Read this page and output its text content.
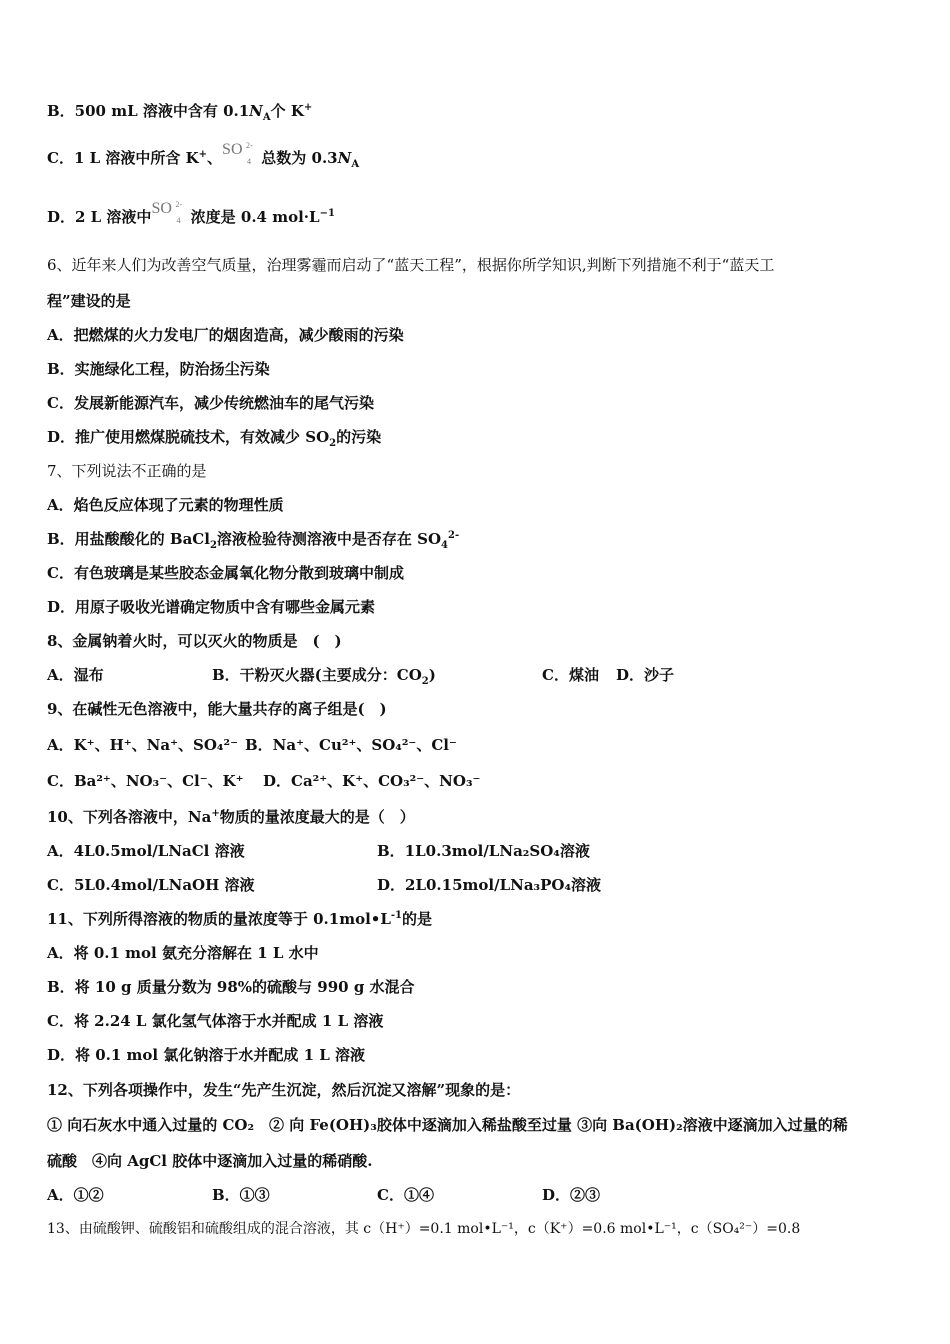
B．500 mL 溶液中含有 $0.1N_A$个 K+
C．1 L 溶液中所含 K+、 SO 2-
4 总数为 $0.3N_A$
D．2 L 溶液中 SO 2-
4 浓度是 0.4 $mol\cdot L^{-1}$
6、近年来人们为改善空气质量，治理雾霾而启动了“蓝天工程”，根据你所学知识,判断下列措施不利于“蓝天工
程”建设的是
A．把燃煤的火力发电厂的烟囱造高，减少酸雨的污染
B．实施绿化工程，防治扬尘污染
C．发展新能源汽车，减少传统燃油车的尾气污染
D．推广使用燃煤脱硫技术，有效减少 $SO_2$的污染
7、下列说法不正确的是
A．焰色反应体现了元素的物理性质
B．用盐酸酸化的 BaCl$_2$溶液检验待测溶液中是否存在 $SO_4^{2-}$
C．有色玻璃是某些胶态金属氧化物分散到玻璃中制成
D．用原子吸收光谱确定物质中含有哪些金属元素
8、金属钠着火时，可以灭火的物质是　(　)
A．湿布	B．干粉灭火器(主要成分：$CO_2$)	C．煤油 D．沙子
9、在碱性无色溶液中，能大量共存的离子组是(　)
A．K⁺、H⁺、Na⁺、SO₄²⁻ B．Na⁺、Cu²⁺、SO₄²⁻、Cl⁻
C．Ba²⁺、NO₃⁻、Cl⁻、K⁺ D．Ca²⁺、K⁺、CO₃²⁻、NO₃⁻
10、下列各溶液中，Na+物质的量浓度最大的是（　）
A．4L0.5mol/LNaCl 溶液	B．1L0.3mol/LNa₂SO₄溶液
C．5L0.4mol/LNaOH 溶液	D．2L0.15mol/LNa₃PO₄溶液
11、下列所得溶液的物质的量浓度等于 $0.1mol•L^{-1}$的是
A．将 0.1 mol 氨充分溶解在 1 L 水中
B．将 10 g 质量分数为 98%的硫酸与 990 g 水混合
C．将 2.24 L 氯化氢气体溶于水并配成 1 L 溶液
D．将 0.1 mol 氯化钠溶于水并配成 1 L 溶液
12、下列各项操作中，发生“先产生沉淀，然后沉淀又溶解”现象的是：
① 向石灰水中通入过量的 CO₂　② 向 Fe(OH)₃胶体中逐滴加入稀盐酸至过量 ③向 Ba(OH)₂溶液中逐滴加入过量的稀
硫酸　④向 AgCl 胶体中逐滴加入过量的稀硝酸.
A．①②	B．①③	C．①④	D．②③
13、由硫酸钾、硫酸铝和硫酸组成的混合溶液，其 c（H⁺）=0.1 mol•L⁻¹，c（K⁺）=0.6 mol•L⁻¹，c（SO₄²⁻）=0.8
